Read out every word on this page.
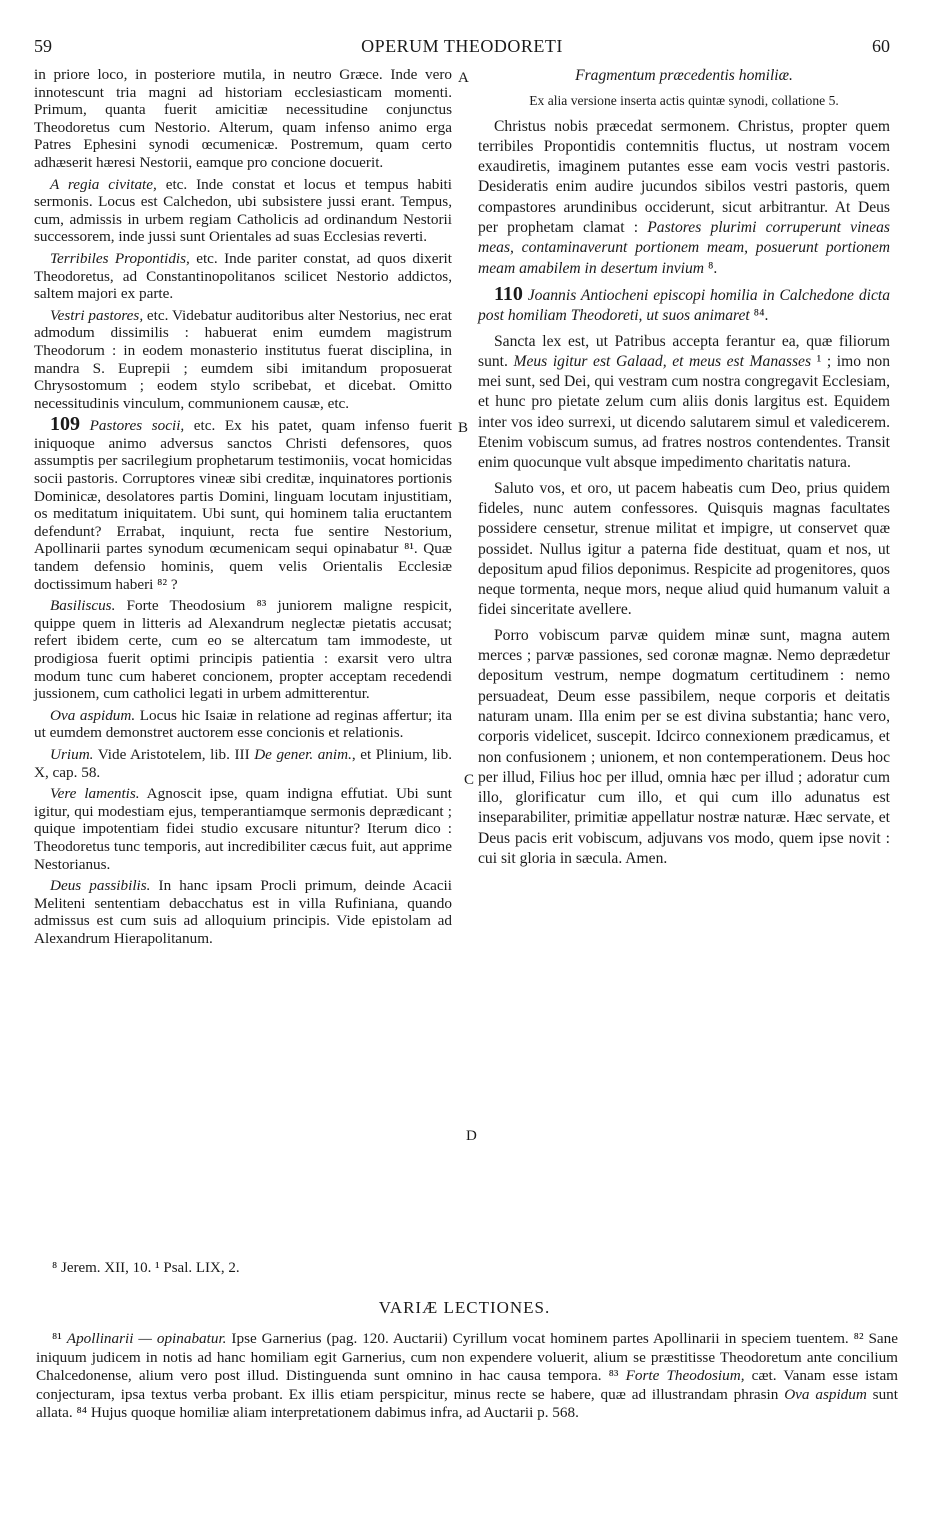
59	OPERUM THEODORETI	60
A
B
C
D

in priore loco, in posteriore mutila, in neutro Græce. Inde vero innotescunt tria magni ad historiam ecclesiasticam momenti. Primum, quanta fuerit amicitiæ necessitudine conjunctus Theodoretus cum Nestorio. Alterum, quam infenso animo erga Patres Ephesini synodi œcumenicæ. Postremum, quam certo adhæserit hæresi Nestorii, eamque pro concione docuerit.

A regia civitate, etc. Inde constat et locus et tempus habiti sermonis. Locus est Calchedon, ubi subsistere jussi erant. Tempus, cum, admissis in urbem regiam Catholicis ad ordinandum Nestorii successorem, inde jussi sunt Orientales ad suas Ecclesias reverti.

Terribiles Propontidis, etc. Inde pariter constat, ad quos dixerit Theodoretus, ad Constantinopolitanos scilicet Nestorio addictos, saltem majori ex parte.

Vestri pastores, etc. Videbatur auditoribus alter Nestorius, nec erat admodum dissimilis : habuerat enim eumdem magistrum Theodorum : in eodem monasterio institutus fuerat disciplina, in mandra S. Euprepii ; eumdem sibi imitandum proposuerat Chrysostomum ; eodem stylo scribebat, et dicebat. Omitto necessitudinis vinculum, communionem causæ, etc.

109 Pastores socii, etc. Ex his patet, quam infenso fuerit iniquoque animo adversus sanctos Christi defensores, quos assumptis per sacrilegium prophetarum testimoniis, vocat homicidas socii pastoris. Corruptores vineæ sibi creditæ, inquinatores portionis Dominicæ, desolatores partis Domini, linguam locutam injustitiam, os meditatum iniquitatem. Ubi sunt, qui hominem talia eructantem defendunt? Errabat, inquiunt, recta fue sentire Nestorium, Apollinarii partes synodum œcumenicam sequi opinabatur ⁸¹. Quæ tandem defensio hominis, quem velis Orientalis Ecclesiæ doctissimum haberi ⁸² ?

Basiliscus. Forte Theodosium ⁸³ juniorem maligne respicit, quippe quem in litteris ad Alexandrum neglectæ pietatis accusat; refert ibidem certe, cum eo se altercatum tam immodeste, ut prodigiosa fuerit optimi principis patientia : exarsit vero ultra modum tunc cum haberet concionem, propter acceptam recedendi jussionem, cum catholici legati in urbem admitterentur.

Ova aspidum. Locus hic Isaiæ in relatione ad reginas affertur; ita ut eumdem demonstret auctorem esse concionis et relationis.

Urium. Vide Aristotelem, lib. III De gener. anim., et Plinium, lib. X, cap. 58.

Vere lamentis. Agnoscit ipse, quam indigna effutiat. Ubi sunt igitur, qui modestiam ejus, temperantiamque sermonis deprædicant ; quique impotentiam fidei studio excusare nituntur? Iterum dico : Theodoretus tunc temporis, aut incredibiliter cæcus fuit, aut apprime Nestorianus.

Deus passibilis. In hanc ipsam Procli primum, deinde Acacii Meliteni sententiam debacchatus est in villa Rufiniana, quando admissus est cum suis ad alloquium principis. Vide epistolam ad Alexandrum Hierapolitanum.

Fragmentum præcedentis homiliæ.

Ex alia versione inserta actis quintæ synodi, collatione 5.

Christus nobis præcedat sermonem. Christus, propter quem terribiles Propontidis contemnitis fluctus, ut nostram vocem exaudiretis, imaginem putantes esse eam vocis vestri pastoris. Desideratis enim audire jucundos sibilos vestri pastoris, quem compastores arundinibus occiderunt, sicut arbitrantur. At Deus per prophetam clamat : Pastores plurimi corruperunt vineas meas, contaminaverunt portionem meam, posuerunt portionem meam amabilem in desertum invium ⁸.

110 Joannis Antiocheni episcopi homilia in Calchedone dicta post homiliam Theodoreti, ut suos animaret ⁸⁴.

Sancta lex est, ut Patribus accepta ferantur ea, quæ filiorum sunt. Meus igitur est Galaad, et meus est Manasses ¹ ; imo non mei sunt, sed Dei, qui vestram cum nostra congregavit Ecclesiam, et hunc pro pietate zelum cum aliis donis largitus est. Equidem inter vos ideo surrexi, ut dicendo salutarem simul et valedicerem. Etenim vobiscum sumus, ad fratres nostros contendentes. Transit enim quocunque vult absque impedimento charitatis natura.

Saluto vos, et oro, ut pacem habeatis cum Deo, prius quidem fideles, nunc autem confessores. Quisquis magnas facultates possidere censetur, strenue militat et impigre, ut conservet quæ possidet. Nullus igitur a paterna fide destituat, quam et nos, ut depositum apud filios deponimus. Respicite ad progenitores, quos neque tormenta, neque mors, neque aliud quid humanum valuit a fidei sinceritate avellere.

Porro vobiscum parvæ quidem minæ sunt, magna autem merces ; parvæ passiones, sed coronæ magnæ. Nemo deprædetur depositum vestrum, nempe dogmatum certitudinem : nemo persuadeat, Deum esse passibilem, neque corporis et deitatis naturam unam. Illa enim per se est divina substantia; hanc vero, corporis videlicet, suscepit. Idcirco connexionem prædicamus, et non confusionem ; unionem, et non contemperationem. Deus hoc per illud, Filius hoc per illud, omnia hæc per illud ; adoratur cum illo, glorificatur cum illo, et qui cum illo adunatus est inseparabiliter, primitiæ appellatur nostræ naturæ. Hæc servate, et Deus pacis erit vobiscum, adjuvans vos modo, quem ipse novit : cui sit gloria in sæcula. Amen.

⁸ Jerem. XII, 10. ¹ Psal. LIX, 2.
VARIÆ LECTIONES.

⁸¹ Apollinarii — opinabatur. Ipse Garnerius (pag. 120. Auctarii) Cyrillum vocat hominem partes Apollinarii in speciem tuentem. ⁸² Sane iniquum judicem in notis ad hanc homiliam egit Garnerius, cum non expendere voluerit, alium se præstitisse Theodoretum ante concilium Chalcedonense, alium vero post illud. Distinguenda sunt omnino in hac causa tempora. ⁸³ Forte Theodosium, cæt. Vanam esse istam conjecturam, ipsa textus verba probant. Ex illis etiam perspicitur, minus recte se habere, quæ ad illustrandam phrasin Ova aspidum sunt allata. ⁸⁴ Hujus quoque homiliæ aliam interpretationem dabimus infra, ad Auctarii p. 568.
